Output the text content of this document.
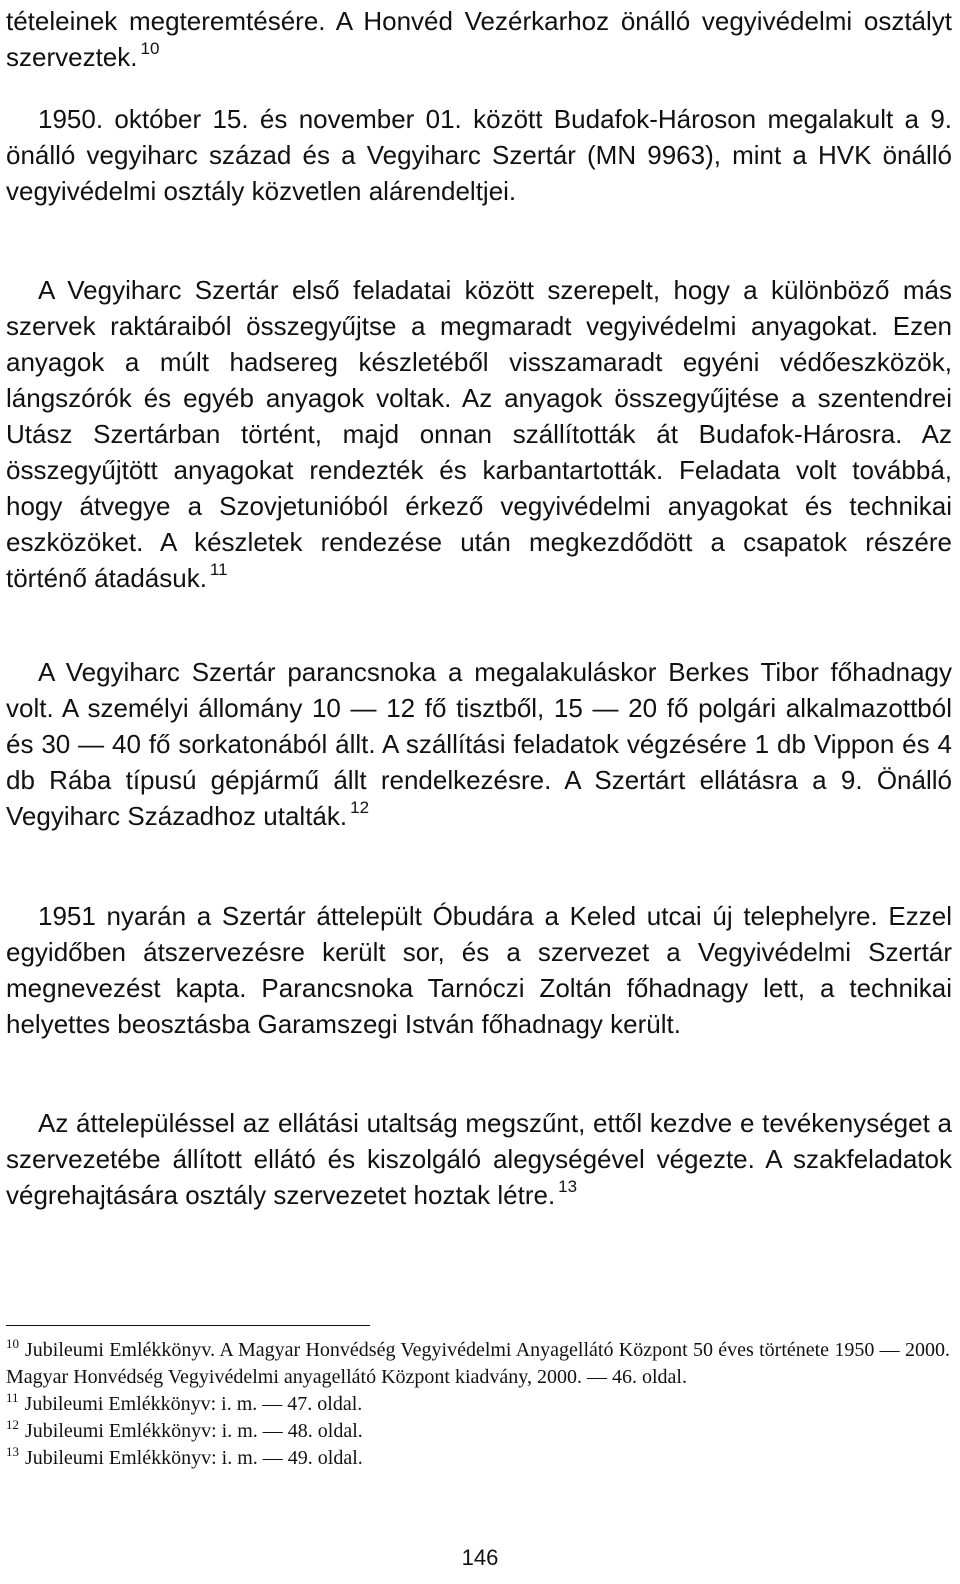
tételeinek megteremtésére. A Honvéd Vezérkarhoz önálló vegyivédelmi osztályt szerveztek. $^{10}$

1950. október 15. és november 01. között Budafok-Hároson megalakult a 9. önálló vegyiharc század és a Vegyiharc Szertár (MN 9963), mint a HVK önálló vegyivédelmi osztály közvetlen alárendeltjei.

A Vegyiharc Szertár első feladatai között szerepelt, hogy a különböző más szervek raktáraiból összegyűjtse a megmaradt vegyivédelmi anyagokat. Ezen anyagok a múlt hadsereg készletéből visszamaradt egyéni védőeszközök, lángszórók és egyéb anyagok voltak. Az anyagok összegyűjtése a szentendrei Utász Szertárban történt, majd onnan szállították át Budafok-Hárosra. Az összegyűjtött anyagokat rendezték és karbantartották. Feladata volt továbbá, hogy átvegye a Szovjetunióból érkező vegyivédelmi anyagokat és technikai eszközöket. A készletek rendezése után megkezdődött a csapatok részére történő átadásuk. $^{11}$

A Vegyiharc Szertár parancsnoka a megalakuláskor Berkes Tibor főhadnagy volt. A személyi állomány 10 — 12 fő tisztből, 15 — 20 fő polgári alkalmazottból és 30 — 40 fő sorkatonából állt. A szállítási feladatok végzésére 1 db Vippon és 4 db Rába típusú gépjármű állt rendelkezésre. A Szertárt ellátásra a 9. Önálló Vegyiharc Századhoz utalták. $^{12}$

1951 nyarán a Szertár áttelepült Óbudára a Keled utcai új telephelyre. Ezzel egyidőben átszervezésre került sor, és a szervezet a Vegyivédelmi Szertár megnevezést kapta. Parancsnoka Tarnóczi Zoltán főhadnagy lett, a technikai helyettes beosztásba Garamszegi István főhadnagy került.

Az áttelepüléssel az ellátási utaltság megszűnt, ettől kezdve e tevékenységet a szervezetébe állított ellátó és kiszolgáló alegységével végezte. A szakfeladatok végrehajtására osztály szervezetet hoztak létre. $^{13}$

$^{10}$ Jubileumi Emlékkönyv. A Magyar Honvédség Vegyivédelmi Anyagellátó Központ 50 éves története 1950 — 2000. Magyar Honvédség Vegyivédelmi anyagellátó Központ kiadvány, 2000. — 46. oldal.

$^{11}$ Jubileumi Emlékkönyv: i. m. — 47. oldal.

$^{12}$ Jubileumi Emlékkönyv: i. m. — 48. oldal.

$^{13}$ Jubileumi Emlékkönyv: i. m. — 49. oldal.

146
